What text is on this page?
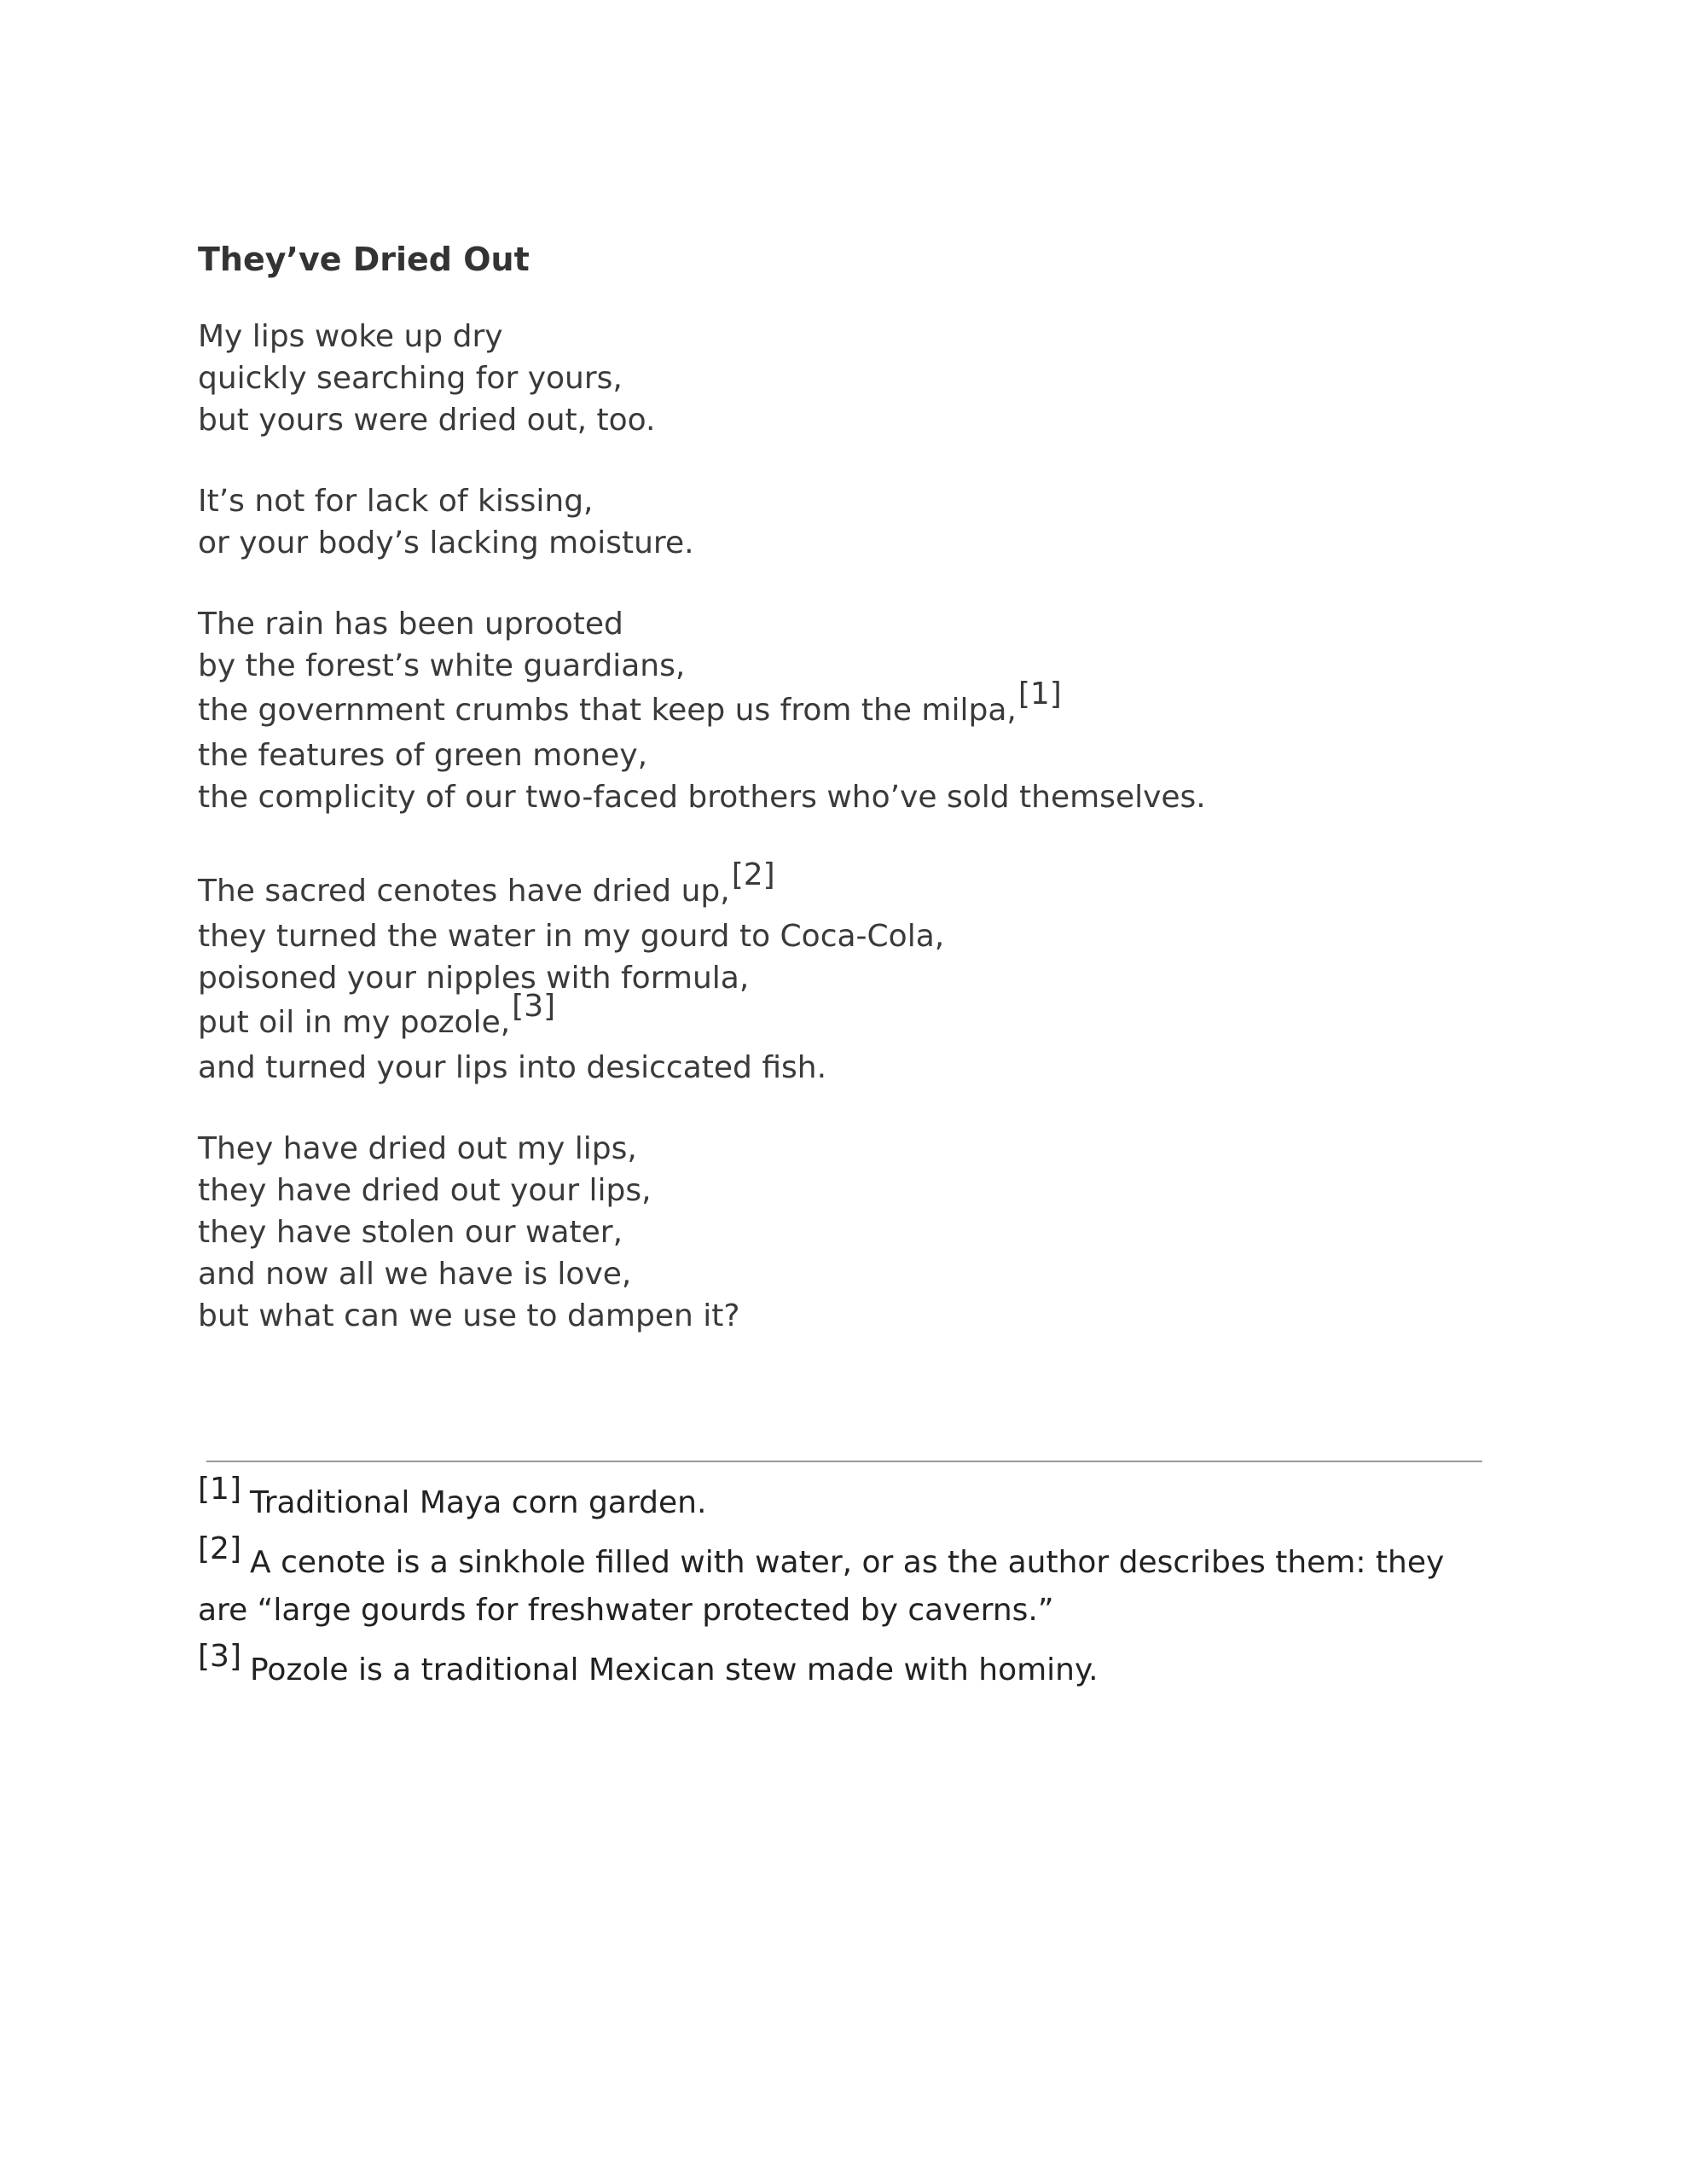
They’ve Dried Out
My lips woke up dry
quickly searching for yours,
but yours were dried out, too.
It’s not for lack of kissing,
or your body’s lacking moisture.
The rain has been uprooted
by the forest’s white guardians,
the government crumbs that keep us from the milpa,[1]
the features of green money,
the complicity of our two-faced brothers who’ve sold themselves.
The sacred cenotes have dried up,[2]
they turned the water in my gourd to Coca-Cola,
poisoned your nipples with formula,
put oil in my pozole,[3]
and turned your lips into desiccated fish.
They have dried out my lips,
they have dried out your lips,
they have stolen our water,
and now all we have is love,
but what can we use to dampen it?
[1] Traditional Maya corn garden.
[2] A cenote is a sinkhole filled with water, or as the author describes them: they are “large gourds for freshwater protected by caverns.”
[3] Pozole is a traditional Mexican stew made with hominy.
